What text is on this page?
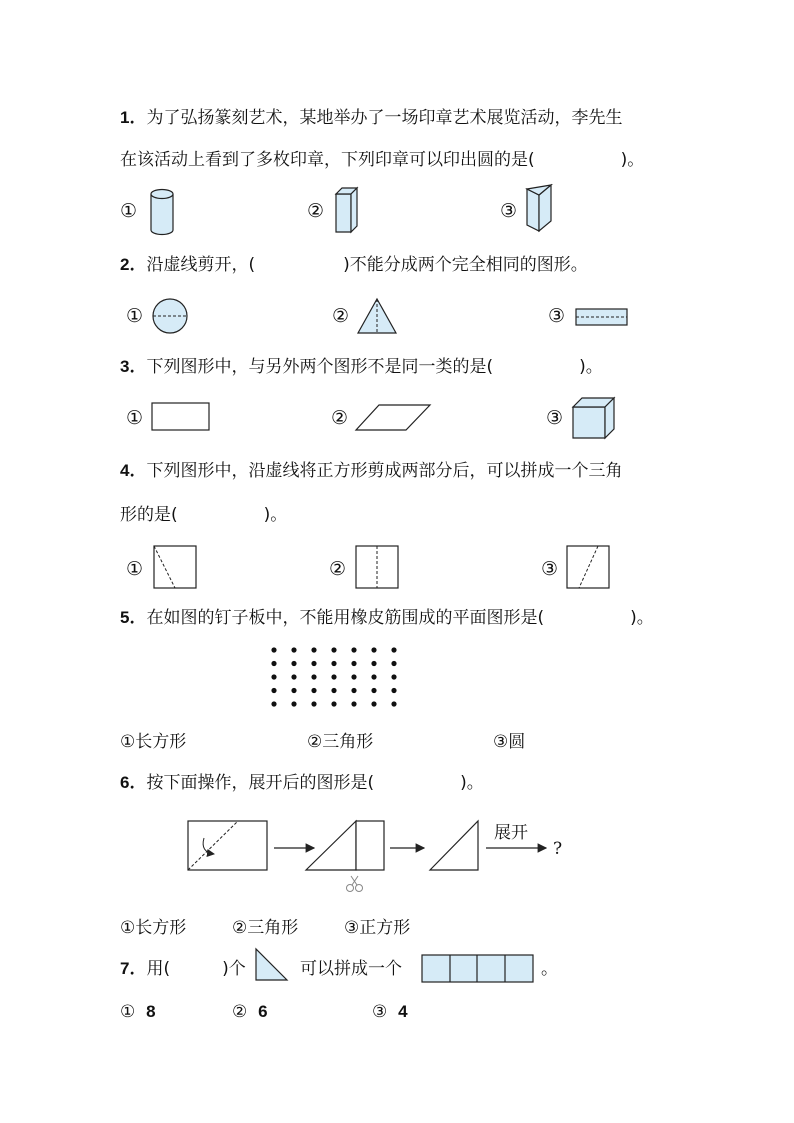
1．为了弘扬篆刻艺术，某地举办了一场印章艺术展览活动，李先生
在该活动上看到了多枚印章，下列印章可以印出圆的是(	)。
①	②	③
2．沿虚线剪开，(	)不能分成两个完全相同的图形。
①	②	③
3．下列图形中，与另外两个图形不是同一类的是(	)。
①	②	③
4．下列图形中，沿虚线将正方形剪成两部分后，可以拼成一个三角
形的是(	)。
①	②	③
5．在如图的钉子板中，不能用橡皮筋围成的平面图形是(	)。
①长方形	②三角形	③圆
6．按下面操作，展开后的图形是(	)。
展开
?
①长方形	②三角形	③正方形
7．用(	)个	可以拼成一个	。
① 8	② 6	③ 4
